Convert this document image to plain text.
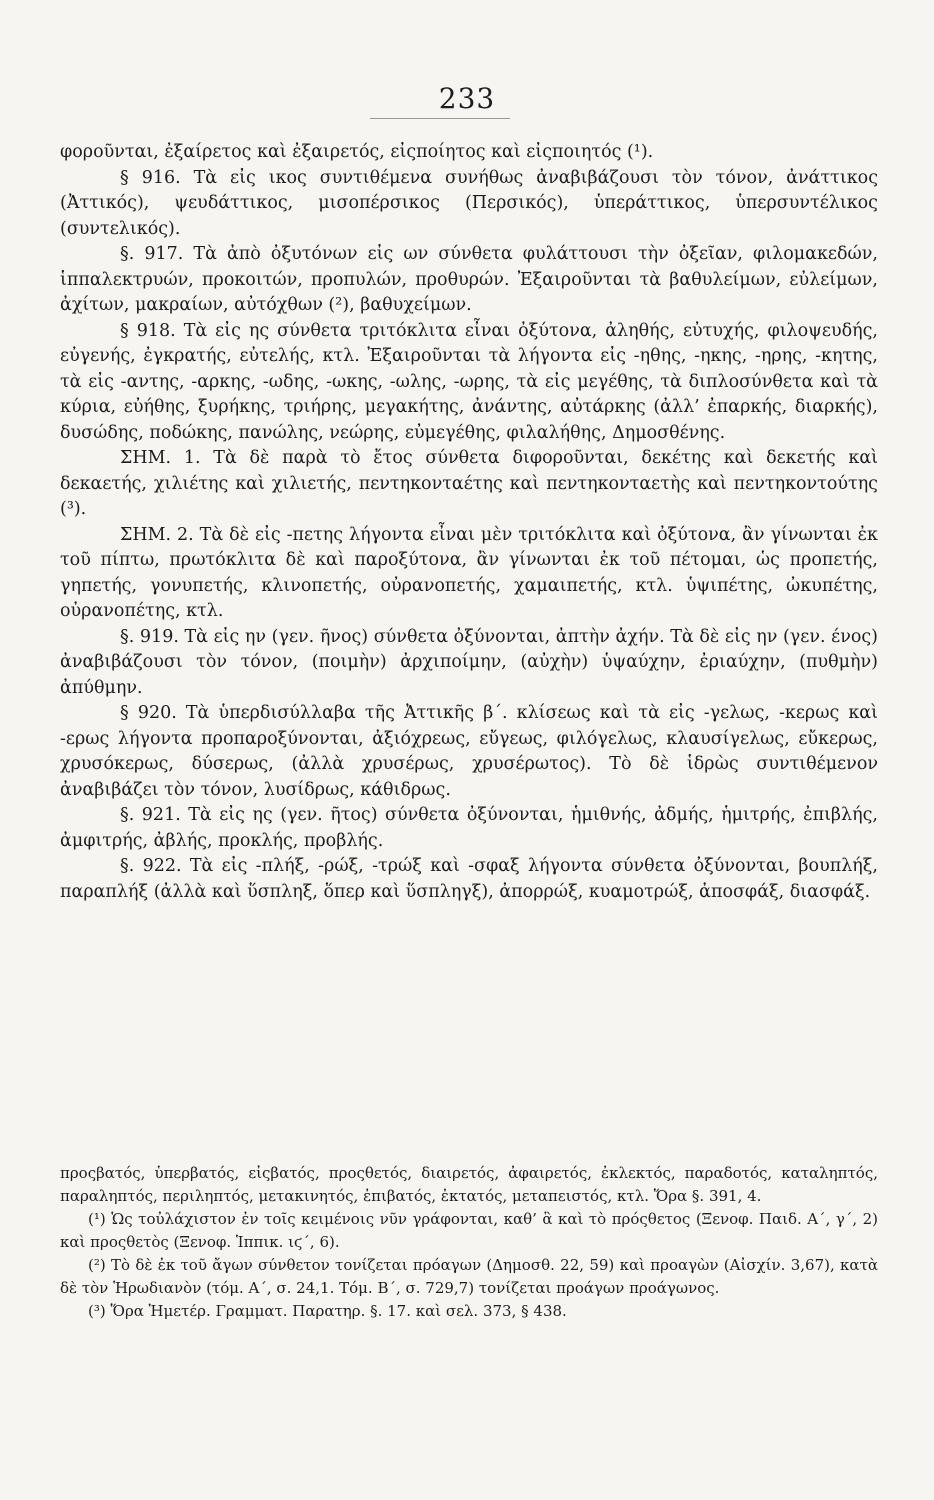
233

φοροῦνται, ἐξαίρετος καὶ ἐξαιρετός, εἰςποίητος καὶ εἰςποιητός (¹).

§ 916. Τὰ εἰς ικος συντιθέμενα συνήθως ἀναβιβάζουσι τὸν τόνον, ἀνάττικος (Ἀττικός), ψευδάττικος, μισοπέρσικος (Περσικός), ὑπεράττικος, ὑπερσυντέλικος (συντελικός).

§. 917. Τὰ ἀπὸ ὀξυτόνων εἰς ων σύνθετα φυλάττουσι τὴν ὀξεῖαν, φιλομακεδών, ἱππαλεκτρυών, προκοιτών, προπυλών, προθυρών. Ἐξαιροῦνται τὰ βαθυλείμων, εὐλείμων, ἀχίτων, μακραίων, αὐτόχθων (²), βαθυχείμων.

§ 918. Τὰ εἰς ης σύνθετα τριτόκλιτα εἶναι ὀξύτονα, ἀληθής, εὐτυχής, φιλοψευδής, εὐγενής, ἐγκρατής, εὐτελής, κτλ. Ἐξαιροῦνται τὰ λήγοντα εἰς -ηθης, -ηκης, -ηρης, -κητης, τὰ εἰς -αντης, -αρκης, -ωδης, -ωκης, -ωλης, -ωρης, τὰ εἰς μεγέθης, τὰ διπλοσύνθετα καὶ τὰ κύρια, εὐήθης, ξυρήκης, τριήρης, μεγακήτης, ἀνάντης, αὐτάρκης (ἀλλ’ ἐπαρκής, διαρκής), δυσώδης, ποδώκης, πανώλης, νεώρης, εὐμεγέθης, φιλαλήθης, Δημοσθένης.

ΣΗΜ. 1. Τὰ δὲ παρὰ τὸ ἔτος σύνθετα διφοροῦνται, δεκέτης καὶ δεκετής καὶ δεκαετής, χιλιέτης καὶ χιλιετής, πεντηκονταέτης καὶ πεντηκονταετὴς καὶ πεντηκοντούτης (³).

ΣΗΜ. 2. Τὰ δὲ εἰς -πετης λήγοντα εἶναι μὲν τριτόκλιτα καὶ ὀξύτονα, ἂν γίνωνται ἐκ τοῦ πίπτω, πρωτόκλιτα δὲ καὶ παροξύτονα, ἂν γίνωνται ἐκ τοῦ πέτομαι, ὡς προπετής, γηπετής, γονυπετής, κλινοπετής, οὐρανοπετής, χαμαιπετής, κτλ. ὑψιπέτης, ὠκυπέτης, οὐρανοπέτης, κτλ.

§. 919. Τὰ εἰς ην (γεν. ῆνος) σύνθετα ὀξύνονται, ἀπτὴν ἀχήν. Τὰ δὲ εἰς ην (γεν. ένος) ἀναβιβάζουσι τὸν τόνον, (ποιμὴν) ἀρχιποίμην, (αὐχὴν) ὑψαύχην, ἐριαύχην, (πυθμὴν) ἀπύθμην.

§ 920. Τὰ ὑπερδισύλλαβα τῆς Ἀττικῆς β΄. κλίσεως καὶ τὰ εἰς -γελως, -κερως καὶ -ερως λήγοντα προπαροξύνονται, ἀξιόχρεως, εὔγεως, φιλόγελως, κλαυσίγελως, εὔκερως, χρυσόκερως, δύσερως, (ἀλλὰ χρυσέρως, χρυσέρωτος). Τὸ δὲ ἱδρὼς συντιθέμενον ἀναβιβάζει τὸν τόνον, λυσίδρως, κάθιδρως.

§. 921. Τὰ εἰς ης (γεν. ῆτος) σύνθετα ὀξύνονται, ἡμιθνής, ἀδμής, ἡμιτρής, ἐπιβλής, ἀμφιτρής, ἀβλής, προκλής, προβλής.

§. 922. Τὰ εἰς -πλήξ, -ρώξ, -τρώξ καὶ -σφαξ λήγοντα σύνθετα ὀξύνονται, βουπλήξ, παραπλήξ (ἀλλὰ καὶ ὕσπληξ, ὅπερ καὶ ὕσπληγξ), ἀπορρώξ, κυαμοτρώξ, ἀποσφάξ, διασφάξ.

προςβατός, ὑπερβατός, εἰςβατός, προςθετός, διαιρετός, ἀφαιρετός, ἐκλεκτός, παραδοτός, καταληπτός, παραληπτός, περιληπτός, μετακινητός, ἐπιβατός, ἐκτατός, μεταπειστός, κτλ. Ὅρα §. 391, 4.

(¹) Ὡς τοὐλάχιστον ἐν τοῖς κειμένοις νῦν γράφονται, καθ’ ἃ καὶ τὸ πρόςθετος (Ξενοφ. Παιδ. Α΄, γ΄, 2) καὶ προςθετὸς (Ξενοφ. Ἱππικ. ιϛ΄, 6).

(²) Τὸ δὲ ἐκ τοῦ ἄγων σύνθετον τονίζεται πρόαγων (Δημοσθ. 22, 59) καὶ προαγὼν (Αἰσχίν. 3,67), κατὰ δὲ τὸν Ἡρωδιανὸν (τόμ. Α΄, σ. 24,1. Τόμ. Β΄, σ. 729,7) τονίζεται προάγων προάγωνος.

(³) Ὅρα Ἡμετέρ. Γραμματ. Παρατηρ. §. 17. καὶ σελ. 373, § 438.
